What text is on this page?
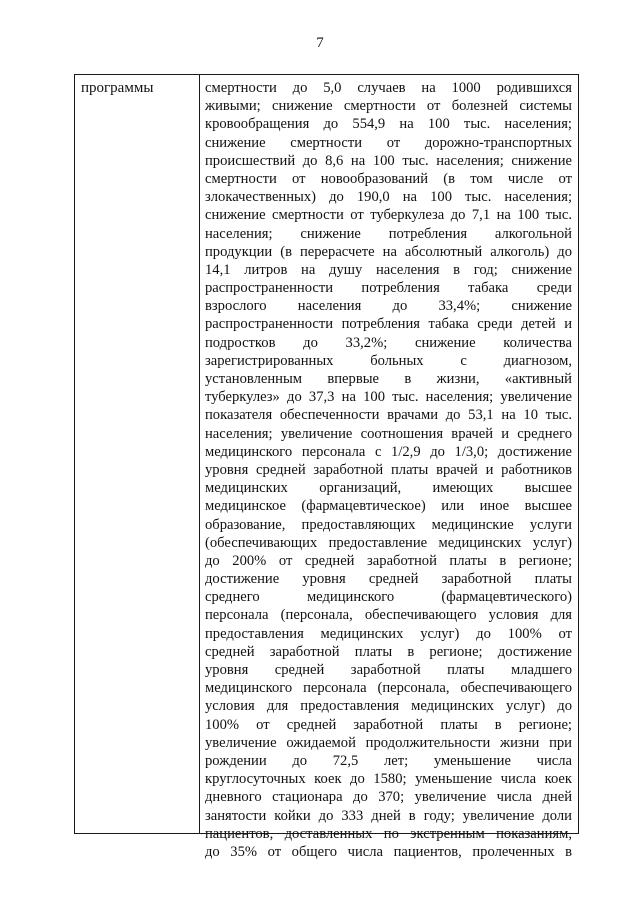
7
программы	смертности до 5,0 случаев на 1000 родившихся
живыми; снижение смертности от болезней системы
кровообращения до 554,9 на 100 тыс. населения;
снижение смертности от дорожно-транспортных
происшествий до 8,6 на 100 тыс. населения; снижение
смертности от новообразований (в том числе от
злокачественных) до 190,0 на 100 тыс. населения;
снижение смертности от туберкулеза до 7,1 на 100 тыс.
населения; снижение потребления алкогольной
продукции (в перерасчете на абсолютный алкоголь) до
14,1 литров на душу населения в год; снижение
распространенности потребления табака среди
взрослого населения до 33,4%; снижение
распространенности потребления табака среди детей и
подростков до 33,2%; снижение количества
зарегистрированных больных с диагнозом,
установленным впервые в жизни, «активный
туберкулез» до 37,3 на 100 тыс. населения; увеличение
показателя обеспеченности врачами до 53,1 на 10 тыс.
населения; увеличение соотношения врачей и среднего
медицинского персонала с 1/2,9 до 1/3,0; достижение
уровня средней заработной платы врачей и работников
медицинских организаций, имеющих высшее
медицинское (фармацевтическое) или иное высшее
образование, предоставляющих медицинские услуги
(обеспечивающих предоставление медицинских услуг)
до 200% от средней заработной платы в регионе;
достижение уровня средней заработной платы
среднего медицинского (фармацевтического)
персонала (персонала, обеспечивающего условия для
предоставления медицинских услуг) до 100% от
средней заработной платы в регионе; достижение
уровня средней заработной платы младшего
медицинского персонала (персонала, обеспечивающего
условия для предоставления медицинских услуг) до
100% от средней заработной платы в регионе;
увеличение ожидаемой продолжительности жизни при
рождении до 72,5 лет; уменьшение числа
круглосуточных коек до 1580; уменьшение числа коек
дневного стационара до 370; увеличение числа дней
занятости койки до 333 дней в году; увеличение доли
пациентов, доставленных по экстренным показаниям,
до 35% от общего числа пациентов, пролеченных в
